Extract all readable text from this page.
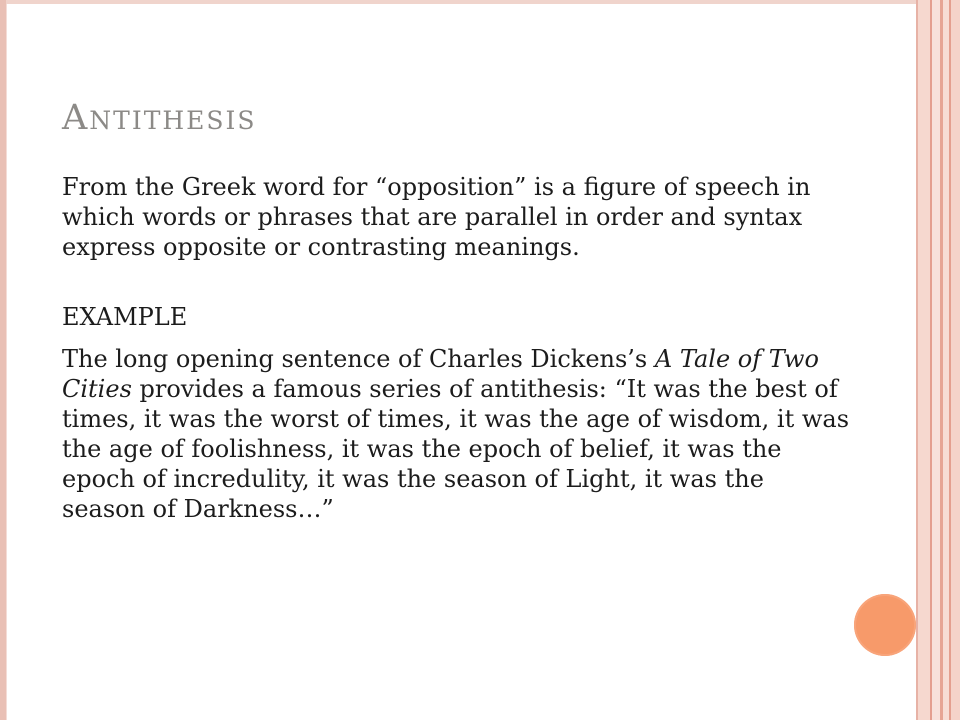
Antithesis

From the Greek word for “opposition” is a figure of speech in which words or phrases that are parallel in order and syntax express opposite or contrasting meanings.

EXAMPLE

The long opening sentence of Charles Dickens’s A Tale of Two Cities provides a famous series of antithesis: “It was the best of times, it was the worst of times, it was the age of wisdom, it was the age of foolishness, it was the epoch of belief, it was the epoch of incredulity, it was the season of Light, it was the season of Darkness…”
